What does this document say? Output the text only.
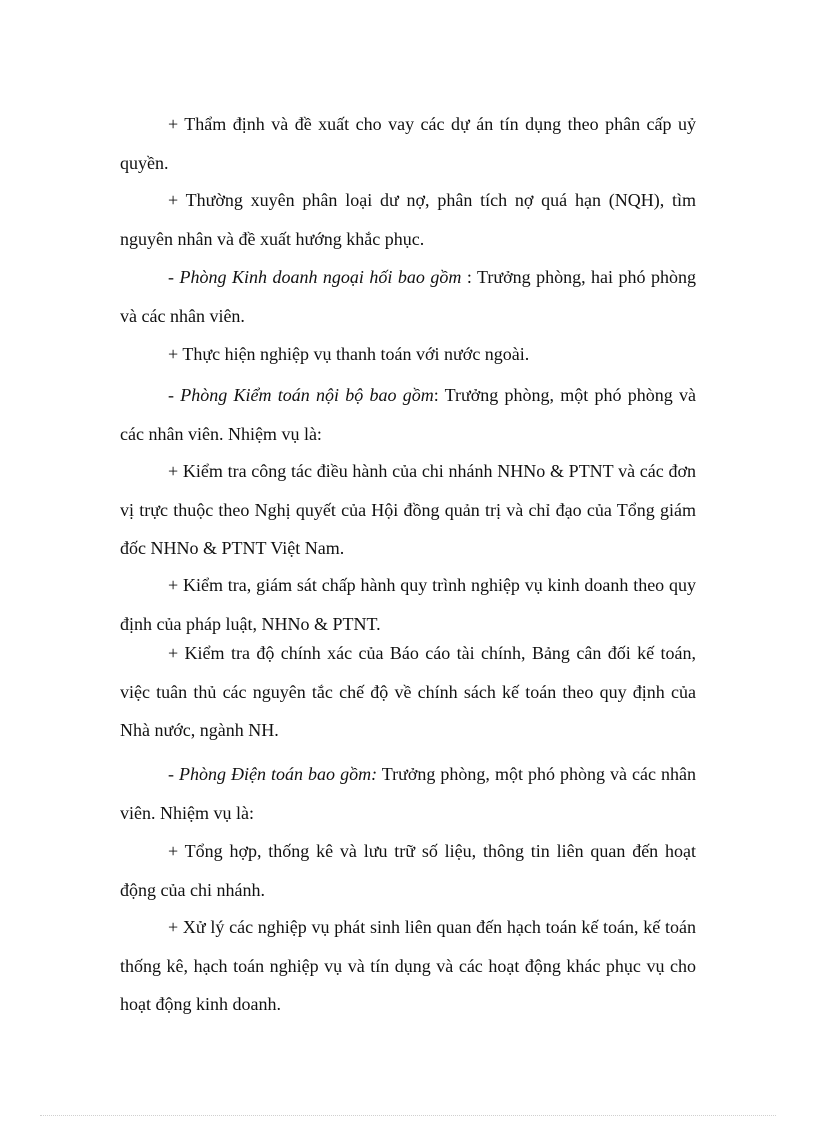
+ Thẩm định và đề xuất cho vay các dự án tín dụng theo phân cấp uỷ quyền.

+ Thường xuyên phân loại dư nợ, phân tích nợ quá hạn (NQH), tìm nguyên nhân và đề xuất hướng khắc phục.

- Phòng Kinh doanh ngoại hối bao gồm : Trưởng phòng, hai phó phòng và các nhân viên.

+ Thực hiện nghiệp vụ thanh toán với nước ngoài.

- Phòng Kiểm toán nội bộ bao gồm: Trưởng phòng, một phó phòng và các nhân viên. Nhiệm vụ là:

+ Kiểm tra công tác điều hành của chi nhánh NHNo & PTNT và các đơn vị trực thuộc theo Nghị quyết của Hội đồng quản trị và chỉ đạo của Tổng giám đốc NHNo & PTNT Việt Nam.

+ Kiểm tra, giám sát chấp hành quy trình nghiệp vụ kinh doanh theo quy định của pháp luật, NHNo & PTNT.

+ Kiểm tra độ chính xác của Báo cáo tài chính, Bảng cân đối kế toán, việc tuân thủ các nguyên tắc chế độ về chính sách kế toán theo quy định của Nhà nước, ngành NH.

- Phòng Điện toán bao gồm: Trưởng phòng, một phó phòng và các nhân viên. Nhiệm vụ là:

+ Tổng hợp, thống kê và lưu trữ số liệu, thông tin liên quan đến hoạt động của chi nhánh.

+ Xử lý các nghiệp vụ phát sinh liên quan đến hạch toán kế toán, kế toán thống kê, hạch toán nghiệp vụ và tín dụng và các hoạt động khác phục vụ cho hoạt động kinh doanh.
